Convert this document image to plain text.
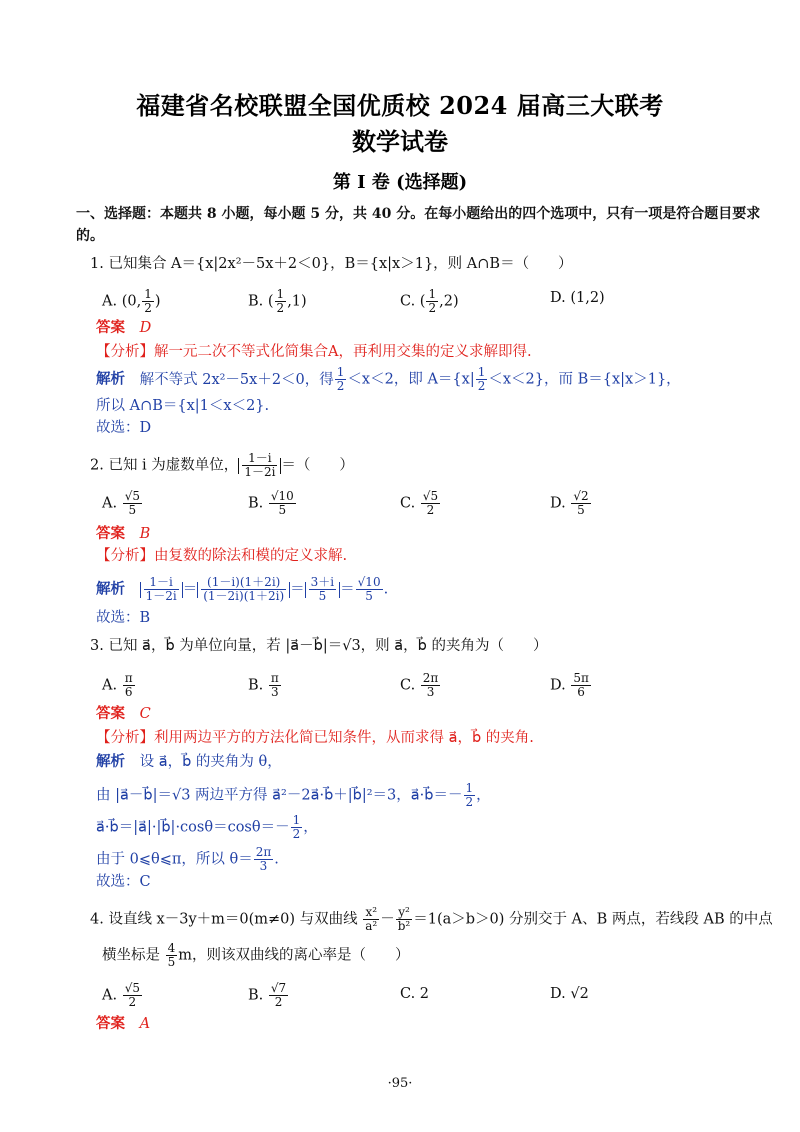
福建省名校联盟全国优质校 2024 届高三大联考
数学试卷
第 I 卷 (选择题)
一、选择题：本题共 8 小题，每小题 5 分，共 40 分。在每小题给出的四个选项中，只有一项是符合题目要求
的。
1. 已知集合 A＝{x|2x²－5x＋2＜0}，B＝{x|x＞1}，则 A∩B＝（　　）
A. (0, $\frac{1}{2}$ )	B. ( $\frac{1}{2} ,1$)	C. ( $\frac{1}{2} ,2$)	D. (1,2)
答案 D
【分析】解一元二次不等式化简集合A，再利用交集的定义求解即得.
解析 解不等式 2x²－5x＋2＜0，得 $\frac{1}{2} <x<2$，即 $A=\{x| \frac{1}{2} <x<2\}$，而 B＝{x|x＞1}，
所以 A∩B＝{x|1＜x＜2}.
故选：D
2. 已知 i 为虚数单位， $\frac{1-i}{1-2i}$ ＝（　　）
A. $\frac{√5}{5}$	B. $\frac{√10}{5}$	C. $\frac{√5}{2}$	D. $\frac{√2}{5}$
答案 B
【分析】由复数的除法和模的定义求解.
解析 $\frac{1-i}{1-2i} = \frac{(1-i)(1+2i)}{(1-2i)(1+2i)} = \frac{3+i}{5} = \frac{√10}{5}$ .
故选：B
3. 已知 a⃗，b⃗ 为单位向量，若 |a⃗－b⃗|＝√3，则 a⃗，b⃗ 的夹角为（　　）
A. $\frac{\pi}{6}$	B. $\frac{\pi}{3}$	C. $\frac{2\pi}{3}$	D. $\frac{5\pi}{6}$
答案 C
【分析】利用两边平方的方法化简已知条件，从而求得 a⃗，b⃗ 的夹角.
解析 设 a⃗，b⃗ 的夹角为 θ，
由 |a⃗－b⃗|＝√3 两边平方得 a⃗²－2a⃗·b⃗＋|b⃗|²＝3，a⃗·b⃗＝－ $\frac{1}{2}$ ，
a⃗·b⃗＝|a⃗|·|b⃗|·cosθ＝cosθ＝－ $\frac{1}{2}$ ，
由于 0⩽θ⩽π，所以 $\theta= \frac{2\pi}{3}$ .
故选：C
4. 设直线 x－3y＋m＝0(m≠0) 与双曲线 $\frac{\text{x²}}{\text{a²}} - \frac{\text{y²}}{\text{b²}} =1(a>b>0)$ 分别交于 A、B 两点，若线段 AB 的中点
横坐标是 $\frac{4}{5}$ m，则该双曲线的离心率是（　　）
A. $\frac{√5}{2}$	B. $\frac{√7}{2}$	C. 2	D. √2
答案 A
·95·
